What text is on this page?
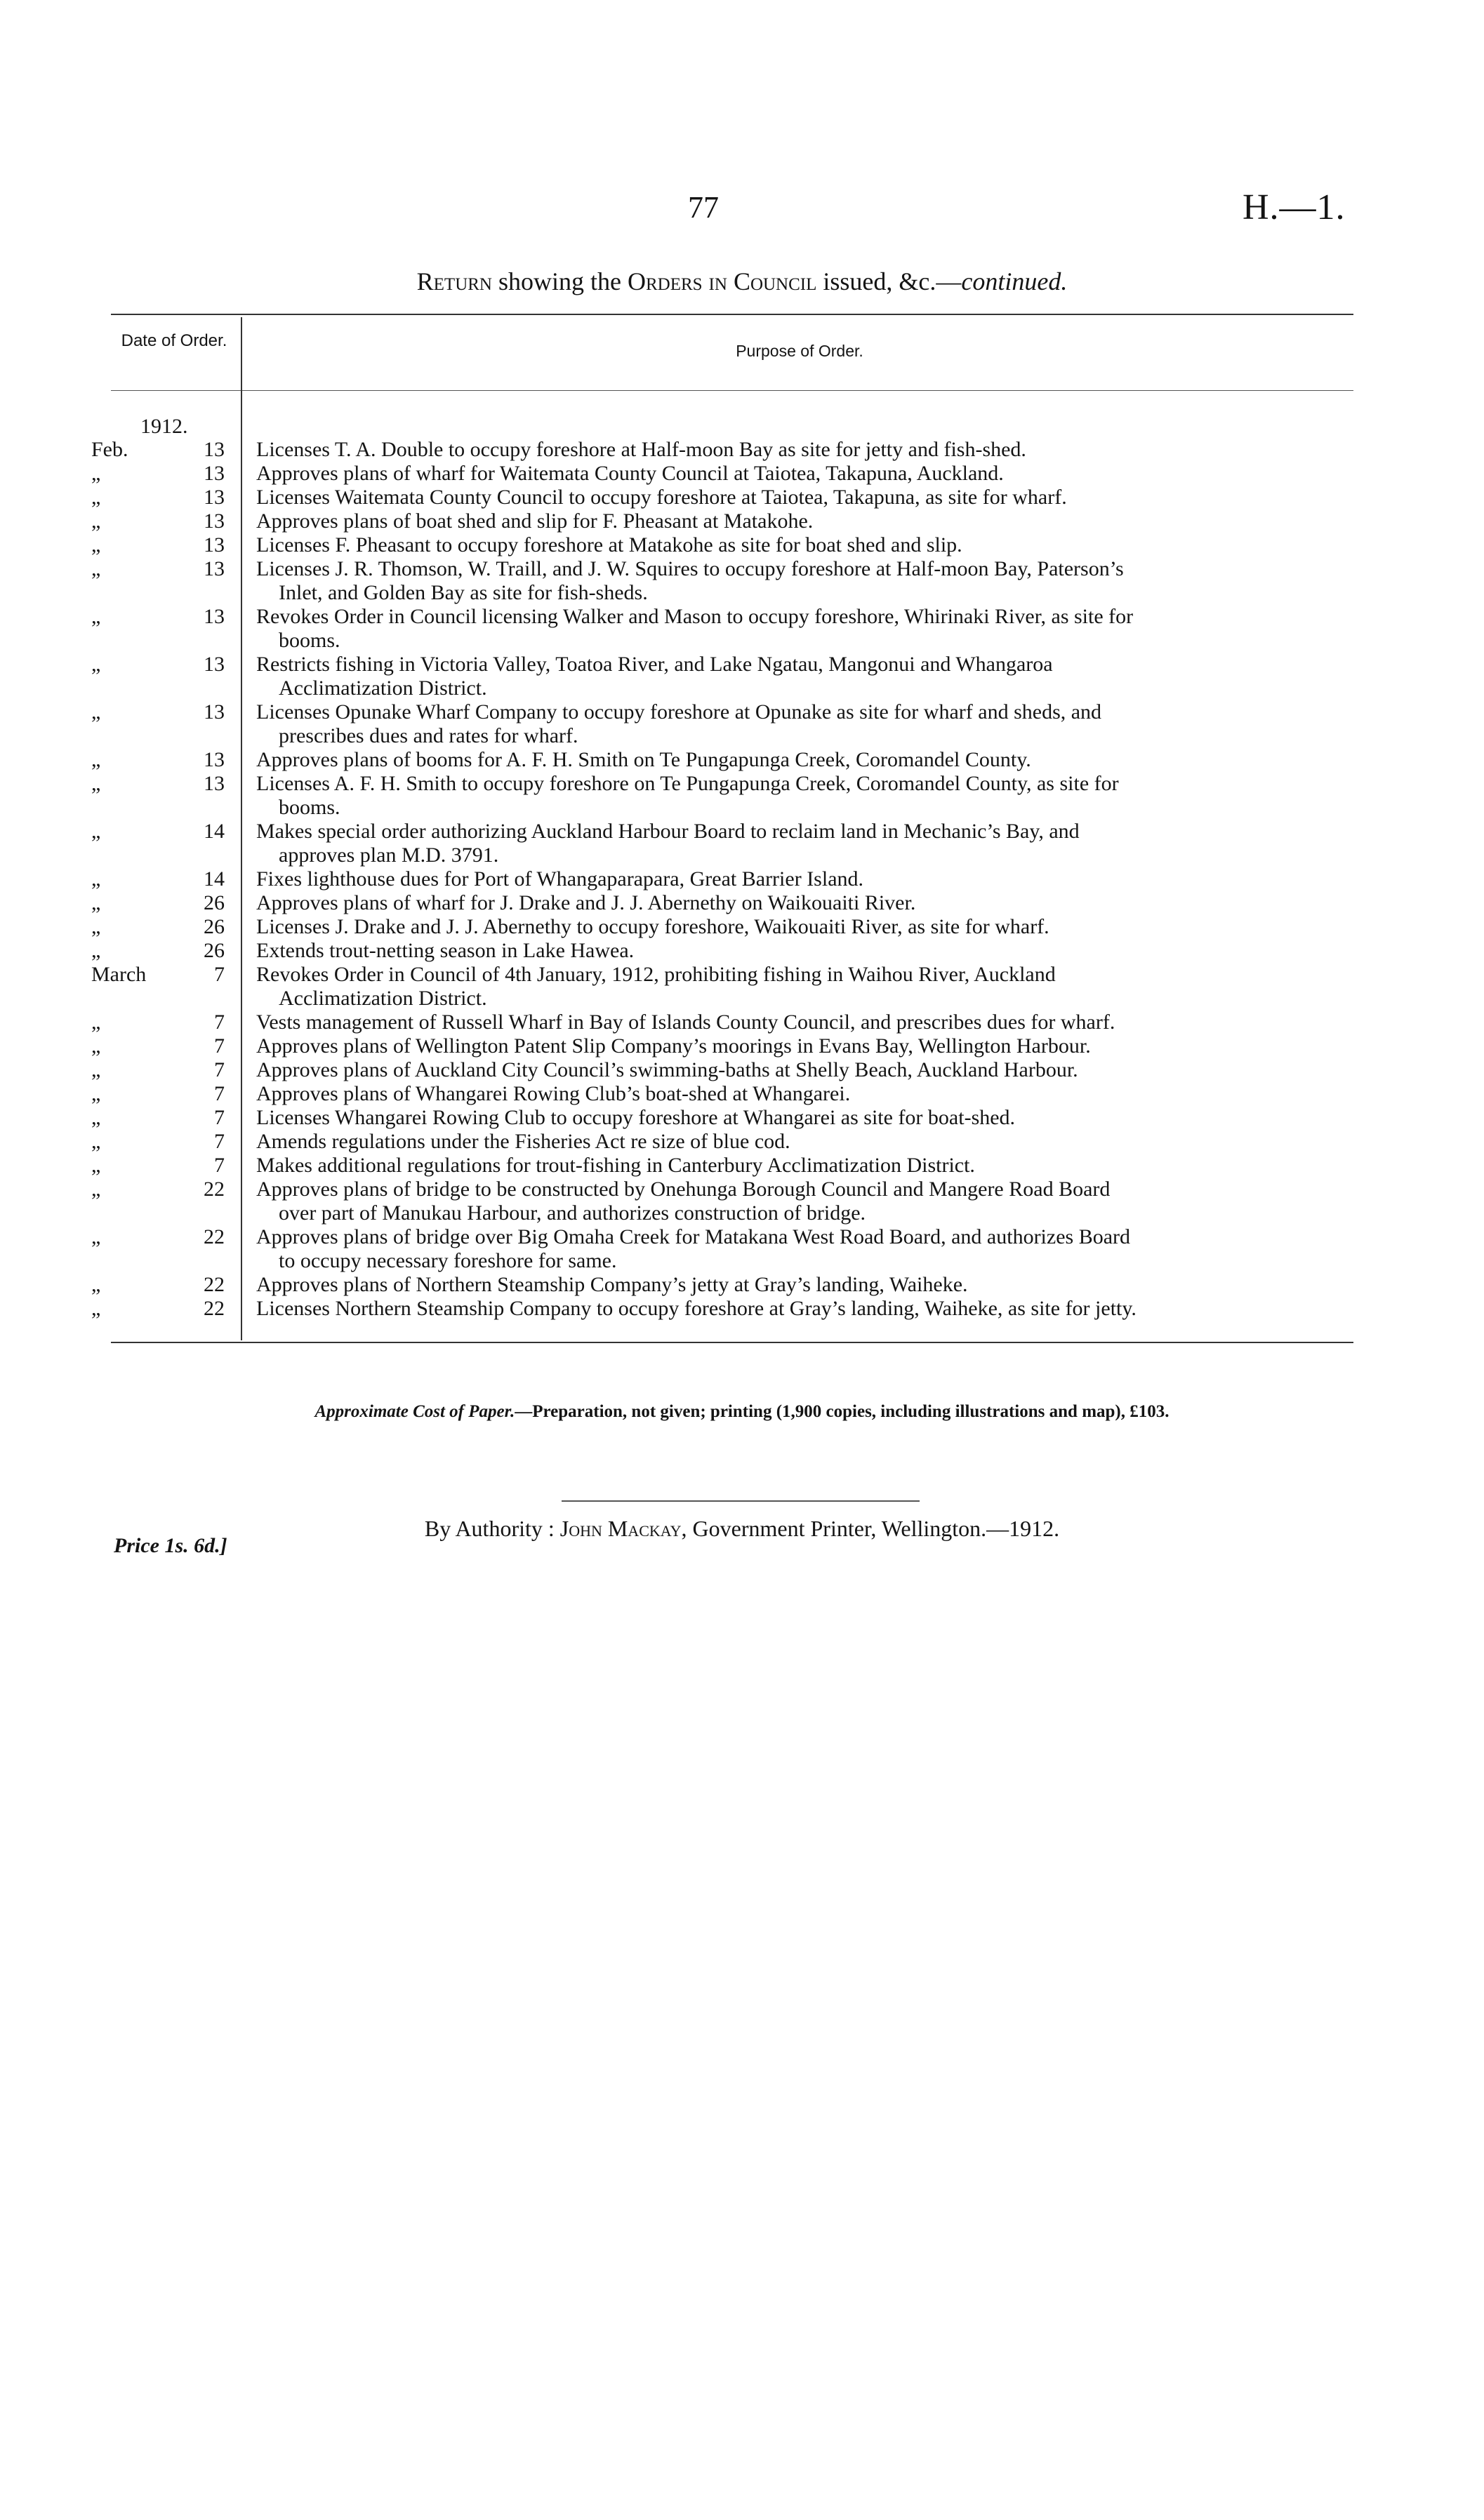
77	H.—1.
Return showing the Orders in Council issued, &c.—continued.
Date of Order.
Purpose of Order.
1912.
Feb.	13 Licenses T. A. Double to occupy foreshore at Half-moon Bay as site for jetty and fish-shed.
„	13 Approves plans of wharf for Waitemata County Council at Taiotea, Takapuna, Auckland.
„	13 Licenses Waitemata County Council to occupy foreshore at Taiotea, Takapuna, as site for wharf.
„	13 Approves plans of boat shed and slip for F. Pheasant at Matakohe.
„	13 Licenses F. Pheasant to occupy foreshore at Matakohe as site for boat shed and slip.
„	13 Licenses J. R. Thomson, W. Traill, and J. W. Squires to occupy foreshore at Half-moon Bay, Paterson’s
Inlet, and Golden Bay as site for fish-sheds.
„	13 Revokes Order in Council licensing Walker and Mason to occupy foreshore, Whirinaki River, as site for
booms.
„	13 Restricts fishing in Victoria Valley, Toatoa River, and Lake Ngatau, Mangonui and Whangaroa
Acclimatization District.
„	13 Licenses Opunake Wharf Company to occupy foreshore at Opunake as site for wharf and sheds, and
prescribes dues and rates for wharf.
„	13 Approves plans of booms for A. F. H. Smith on Te Pungapunga Creek, Coromandel County.
„	13 Licenses A. F. H. Smith to occupy foreshore on Te Pungapunga Creek, Coromandel County, as site for
booms.
„	14 Makes special order authorizing Auckland Harbour Board to reclaim land in Mechanic’s Bay, and
approves plan M.D. 3791.
„	14 Fixes lighthouse dues for Port of Whangaparapara, Great Barrier Island.
„	26 Approves plans of wharf for J. Drake and J. J. Abernethy on Waikouaiti River.
„	26 Licenses J. Drake and J. J. Abernethy to occupy foreshore, Waikouaiti River, as site for wharf.
„	26 Extends trout-netting season in Lake Hawea.
March	7 Revokes Order in Council of 4th January, 1912, prohibiting fishing in Waihou River, Auckland
Acclimatization District.
„	7 Vests management of Russell Wharf in Bay of Islands County Council, and prescribes dues for wharf.
„	7 Approves plans of Wellington Patent Slip Company’s moorings in Evans Bay, Wellington Harbour.
„	7 Approves plans of Auckland City Council’s swimming-baths at Shelly Beach, Auckland Harbour.
„	7 Approves plans of Whangarei Rowing Club’s boat-shed at Whangarei.
„	7 Licenses Whangarei Rowing Club to occupy foreshore at Whangarei as site for boat-shed.
„	7 Amends regulations under the Fisheries Act re size of blue cod.
„	7 Makes additional regulations for trout-fishing in Canterbury Acclimatization District.
„	22 Approves plans of bridge to be constructed by Onehunga Borough Council and Mangere Road Board
over part of Manukau Harbour, and authorizes construction of bridge.
„	22 Approves plans of bridge over Big Omaha Creek for Matakana West Road Board, and authorizes Board
to occupy necessary foreshore for same.
„	22 Approves plans of Northern Steamship Company’s jetty at Gray’s landing, Waiheke.
„	22 Licenses Northern Steamship Company to occupy foreshore at Gray’s landing, Waiheke, as site for jetty.
Approximate Cost of Paper.—Preparation, not given; printing (1,900 copies, including illustrations and map), £103.
By Authority : John Mackay, Government Printer, Wellington.—1912.
Price 1s. 6d.]
